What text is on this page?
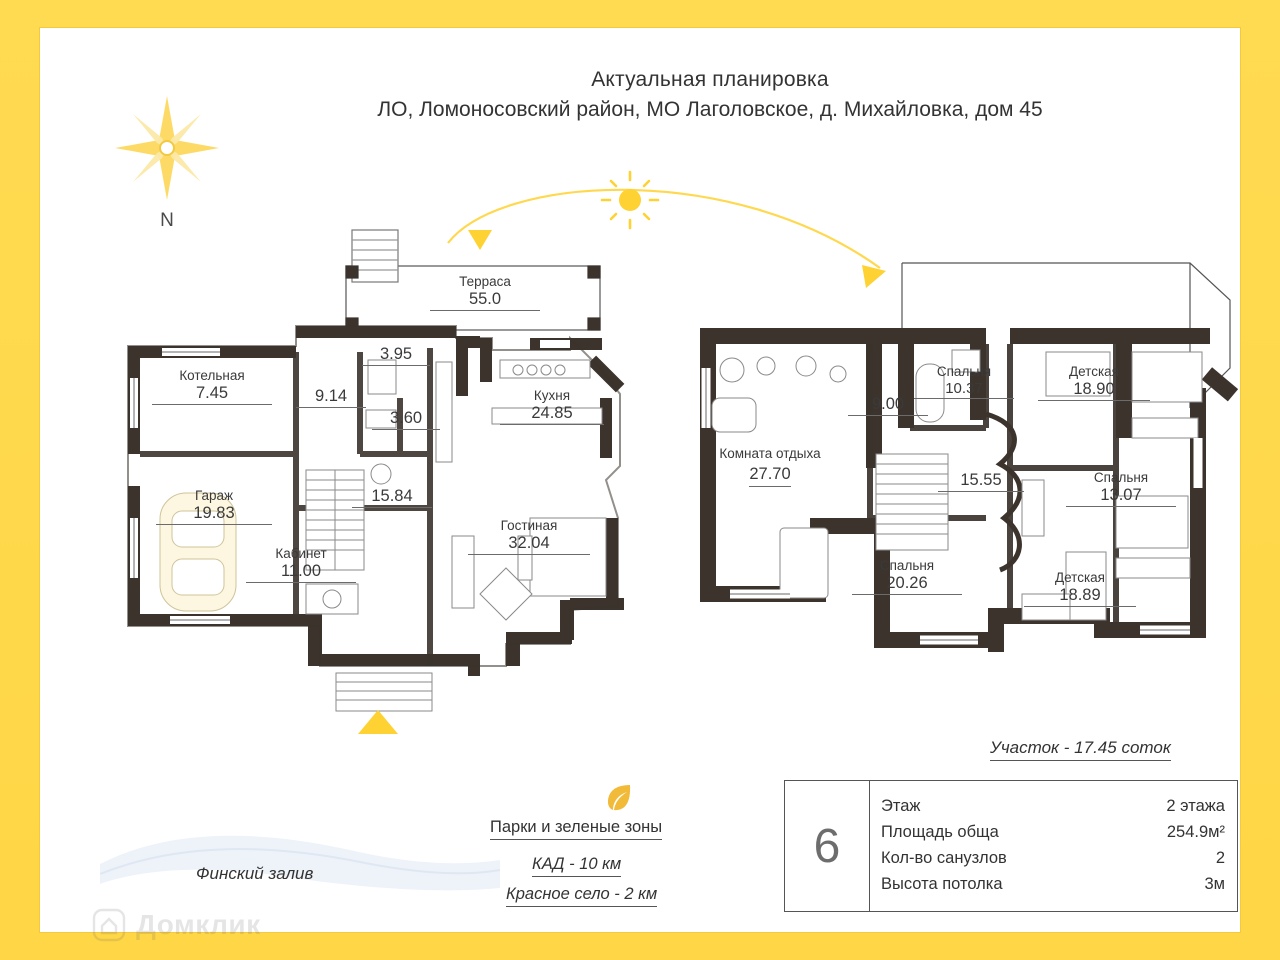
Актуальная планировка
ЛО, Ломоносовский район, МО Лаголовское, д. Михайловка, дом 45
N
Котельная
7.45	9.14
3.95
3.60
Кухня
24.85
Терраса
55.0
Гараж
19.83
15.84
Кабинет
11.00
Гостиная
32.04
9.00
Спальня
10.37
Детская
18.90
Комната отдыха
27.70	15.55	Спальня
13.07
Спальня
20.26	Детская
18.89
Участок - 17.45 соток
6
Этаж	2 этажа
Площадь обща	254.9м²
Кол-во санузлов	2
Высота потолка	3м
Парки и зеленые зоны
КАД - 10 км
Красное село - 2 км
Финский залив
Домклик
